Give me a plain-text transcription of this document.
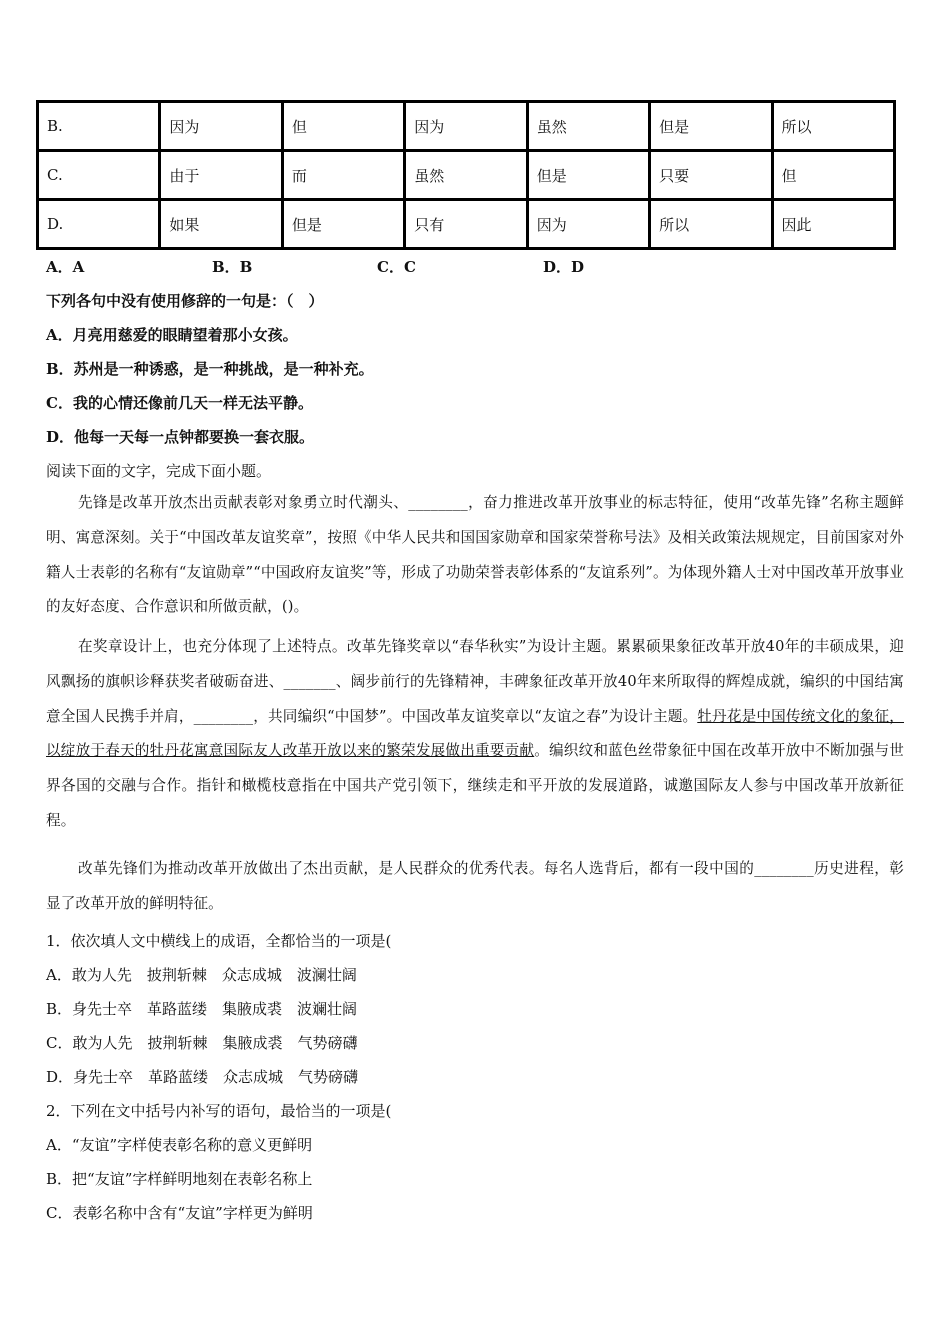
B.	因为	但	因为	虽然	但是	所以
C.	由于	而	虽然	但是	只要	但
D.	如果	但是	只有	因为	所以	因此
A．A	B．B	C．C	D．D
下列各句中没有使用修辞的一句是：（　）
A．月亮用慈爱的眼睛望着那小女孩。
B．苏州是一种诱惑，是一种挑战，是一种补充。
C．我的心情还像前几天一样无法平静。
D．他每一天每一点钟都要换一套衣服。
阅读下面的文字，完成下面小题。
先锋是改革开放杰出贡献表彰对象勇立时代潮头、________，奋力推进改革开放事业的标志特征，使用“改革先锋”名称主题鲜明、寓意深刻。关于“中国改革友谊奖章”，按照《中华人民共和国国家勋章和国家荣誉称号法》及相关政策法规规定，目前国家对外籍人士表彰的名称有“友谊勋章”“中国政府友谊奖”等，形成了功勋荣誉表彰体系的“友谊系列”。为体现外籍人士对中国改革开放事业的友好态度、合作意识和所做贡献，()。
在奖章设计上，也充分体现了上述特点。改革先锋奖章以“春华秋实”为设计主题。累累硕果象征改革开放40年的丰硕成果，迎风飘扬的旗帜诊释获奖者破砺奋进、_______、阔步前行的先锋精神，丰碑象征改革开放40年来所取得的辉煌成就，编织的中国结寓意全国人民携手并肩，________，共同编织“中国梦”。中国改革友谊奖章以“友谊之春”为设计主题。牡丹花是中国传统文化的象征，以绽放于春天的牡丹花寓意国际友人改革开放以来的繁荣发展做出重要贡献。编织纹和蓝色丝带象征中国在改革开放中不断加强与世界各国的交融与合作。指针和橄榄枝意指在中国共产党引领下，继续走和平开放的发展道路，诚邀国际友人参与中国改革开放新征程。
改革先锋们为推动改革开放做出了杰出贡献，是人民群众的优秀代表。每名人选背后，都有一段中国的________历史进程，彰显了改革开放的鲜明特征。
1．依次填人文中横线上的成语，全都恰当的一项是(
A．敢为人先　披荆斩棘　众志成城　波澜壮阔
B．身先士卒　革路蓝缕　集腋成裘　波斓壮阔
C．敢为人先　披荆斩棘　集腋成裘　气势磅礴
D．身先士卒　革路蓝缕　众志成城　气势磅礴
2．下列在文中括号内补写的语句，最恰当的一项是(
A．“友谊”字样使表彰名称的意义更鲜明
B．把“友谊”字样鲜明地刻在表彰名称上
C．表彰名称中含有“友谊”字样更为鲜明
